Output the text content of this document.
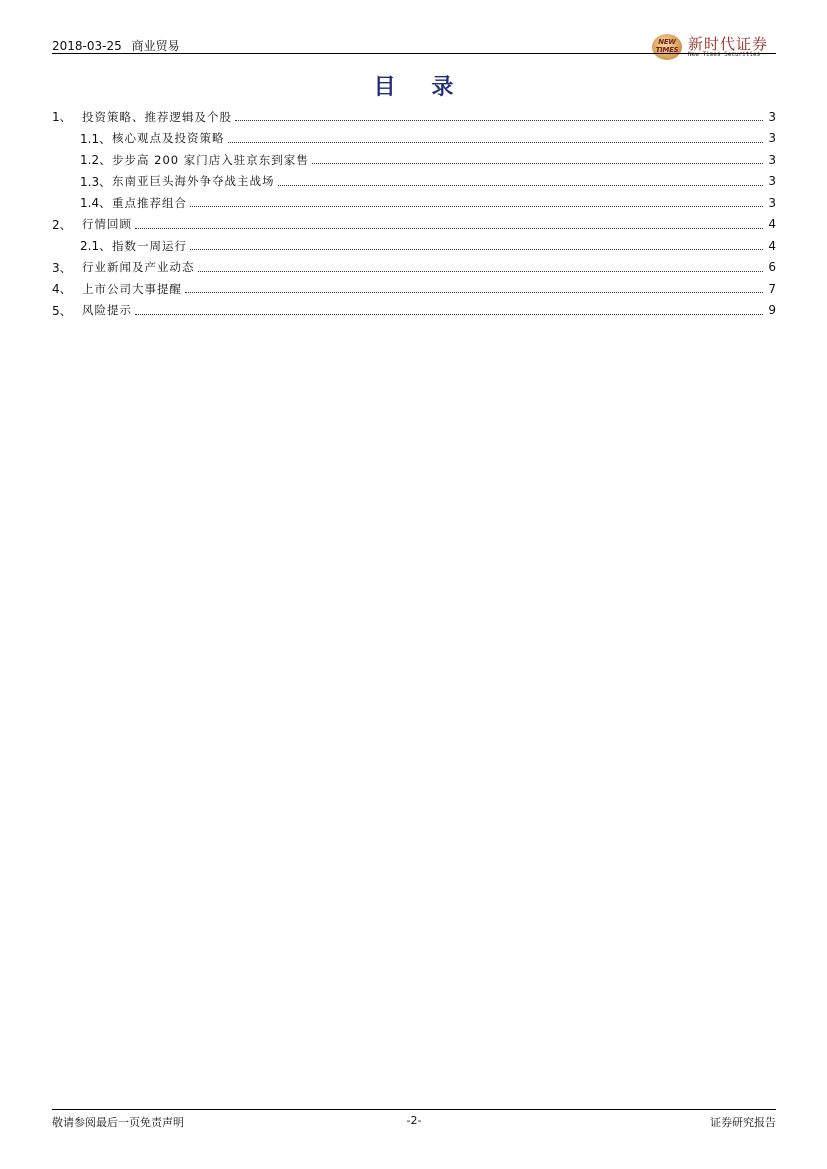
2018-03-25 商业贸易	NEW TIMES 新时代证券
New Times Securities
目 录
1、 投资策略、推荐逻辑及个股	3
1.1、 核心观点及投资策略	3
1.2、 步步高 200 家门店入驻京东到家售	3
1.3、 东南亚巨头海外争夺战主战场	3
1.4、 重点推荐组合	3
2、 行情回顾	4
2.1、 指数一周运行	4
3、 行业新闻及产业动态	6
4、 上市公司大事提醒	7
5、 风险提示	9
敬请参阅最后一页免责声明	-2-	证券研究报告
